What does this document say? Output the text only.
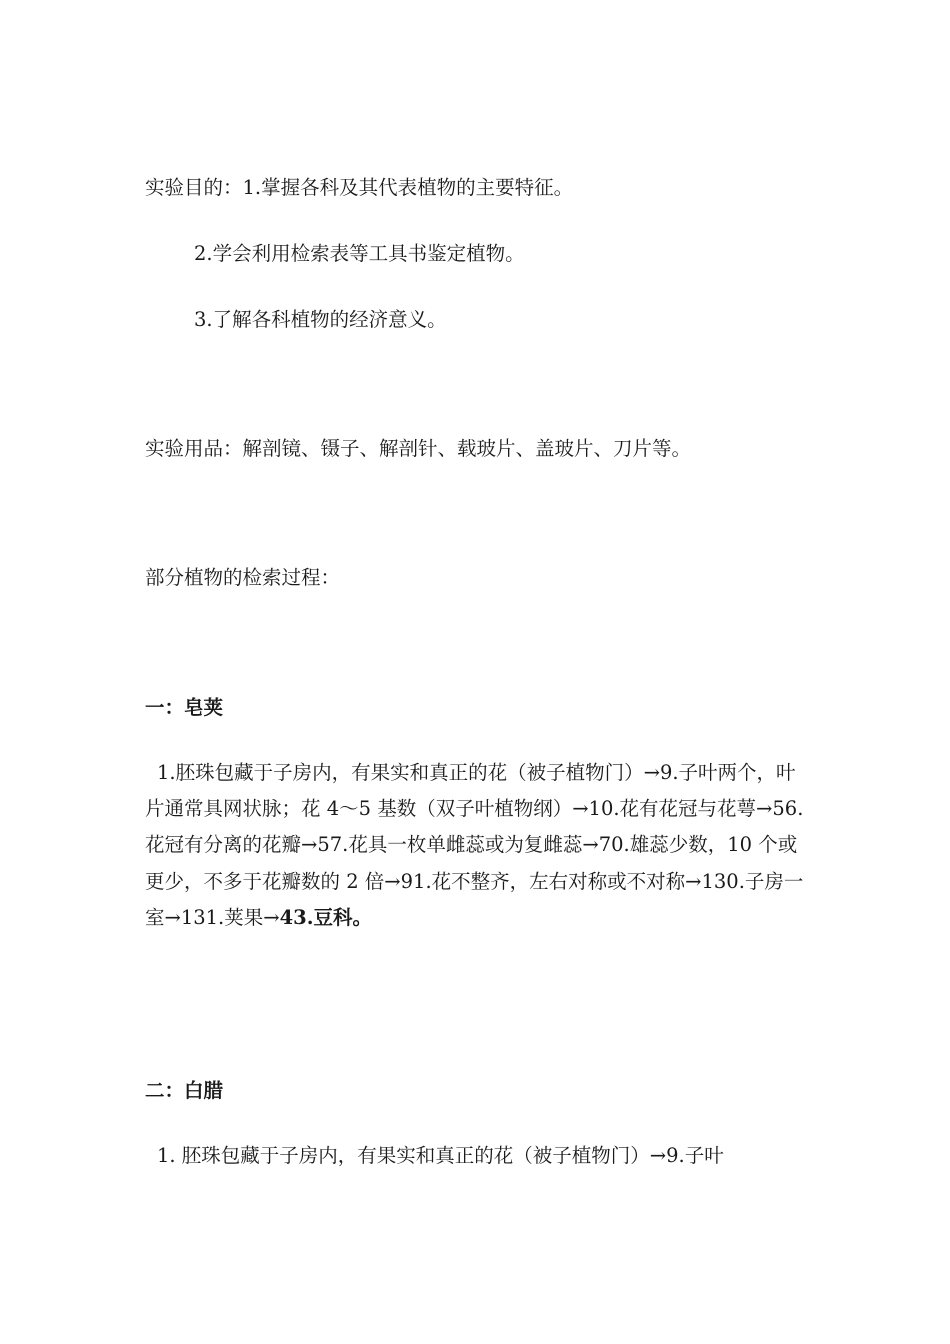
实验目的：1.掌握各科及其代表植物的主要特征。
2.学会利用检索表等工具书鉴定植物。
3.了解各科植物的经济意义。
实验用品：解剖镜、镊子、解剖针、载玻片、盖玻片、刀片等。
部分植物的检索过程：
一：皂荚
1.胚珠包藏于子房内，有果实和真正的花（被子植物门）→9.子叶两个，叶片通常具网状脉；花 4～5 基数（双子叶植物纲）→10.花有花冠与花萼→56.花冠有分离的花瓣→57.花具一枚单雌蕊或为复雌蕊→70.雄蕊少数，10 个或更少，不多于花瓣数的 2 倍→91.花不整齐，左右对称或不对称→130.子房一室→131.荚果→43.豆科。
二：白腊
1. 胚珠包藏于子房内，有果实和真正的花（被子植物门）→9.子叶
